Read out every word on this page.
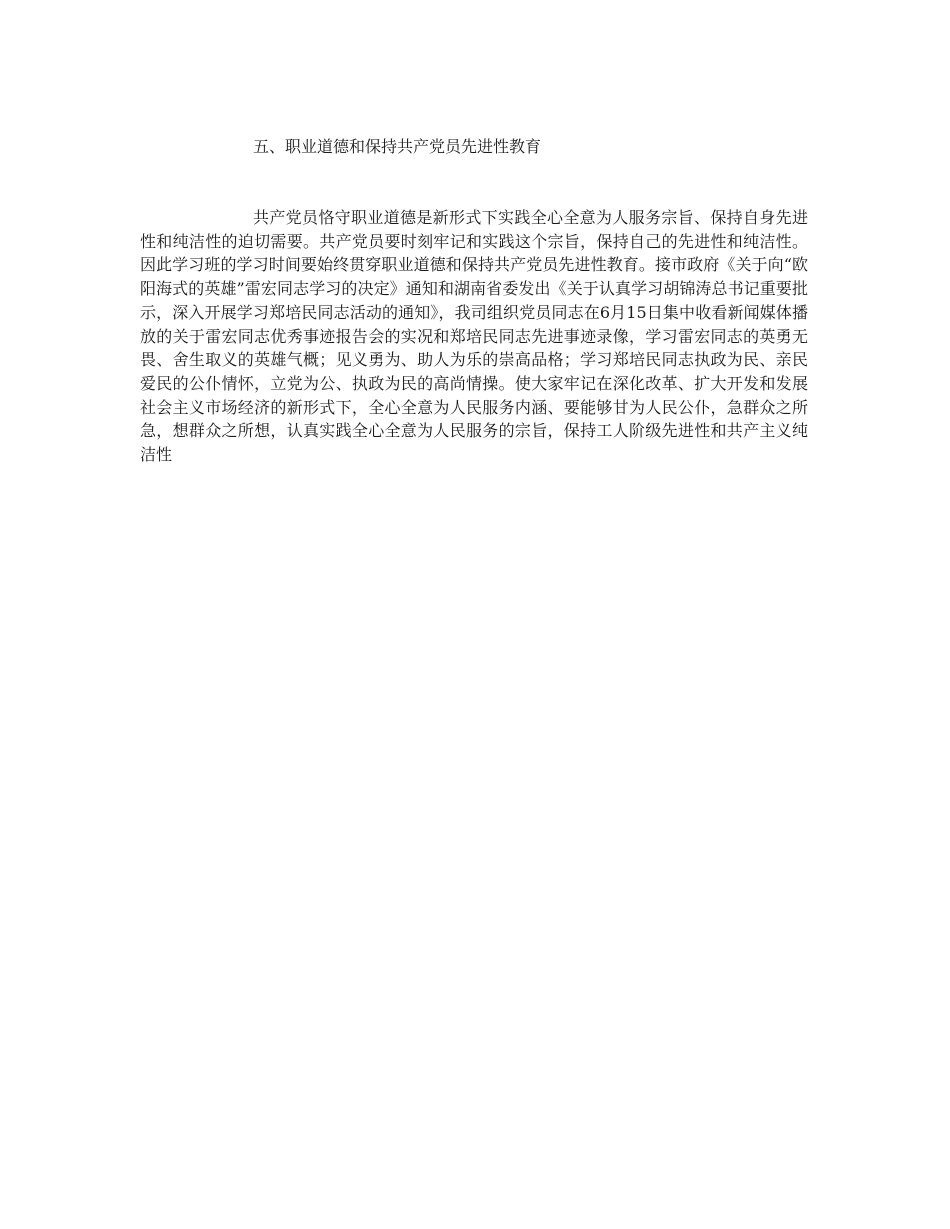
五、职业道德和保持共产党员先进性教育

共产党员恪守职业道德是新形式下实践全心全意为人服务宗旨、保持自身先进性和纯洁性的迫切需要。共产党员要时刻牢记和实践这个宗旨，保持自己的先进性和纯洁性。因此学习班的学习时间要始终贯穿职业道德和保持共产党员先进性教育。接市政府《关于向“欧阳海式的英雄”雷宏同志学习的决定》通知和湖南省委发出《关于认真学习胡锦涛总书记重要批示，深入开展学习郑培民同志活动的通知》，我司组织党员同志在6月15日集中收看新闻媒体播放的关于雷宏同志优秀事迹报告会的实况和郑培民同志先进事迹录像，学习雷宏同志的英勇无畏、舍生取义的英雄气概；见义勇为、助人为乐的崇高品格；学习郑培民同志执政为民、亲民爱民的公仆情怀，立党为公、执政为民的高尚情操。使大家牢记在深化改革、扩大开发和发展社会主义市场经济的新形式下，全心全意为人民服务内涵、要能够甘为人民公仆，急群众之所急，想群众之所想，认真实践全心全意为人民服务的宗旨，保持工人阶级先进性和共产主义纯洁性
